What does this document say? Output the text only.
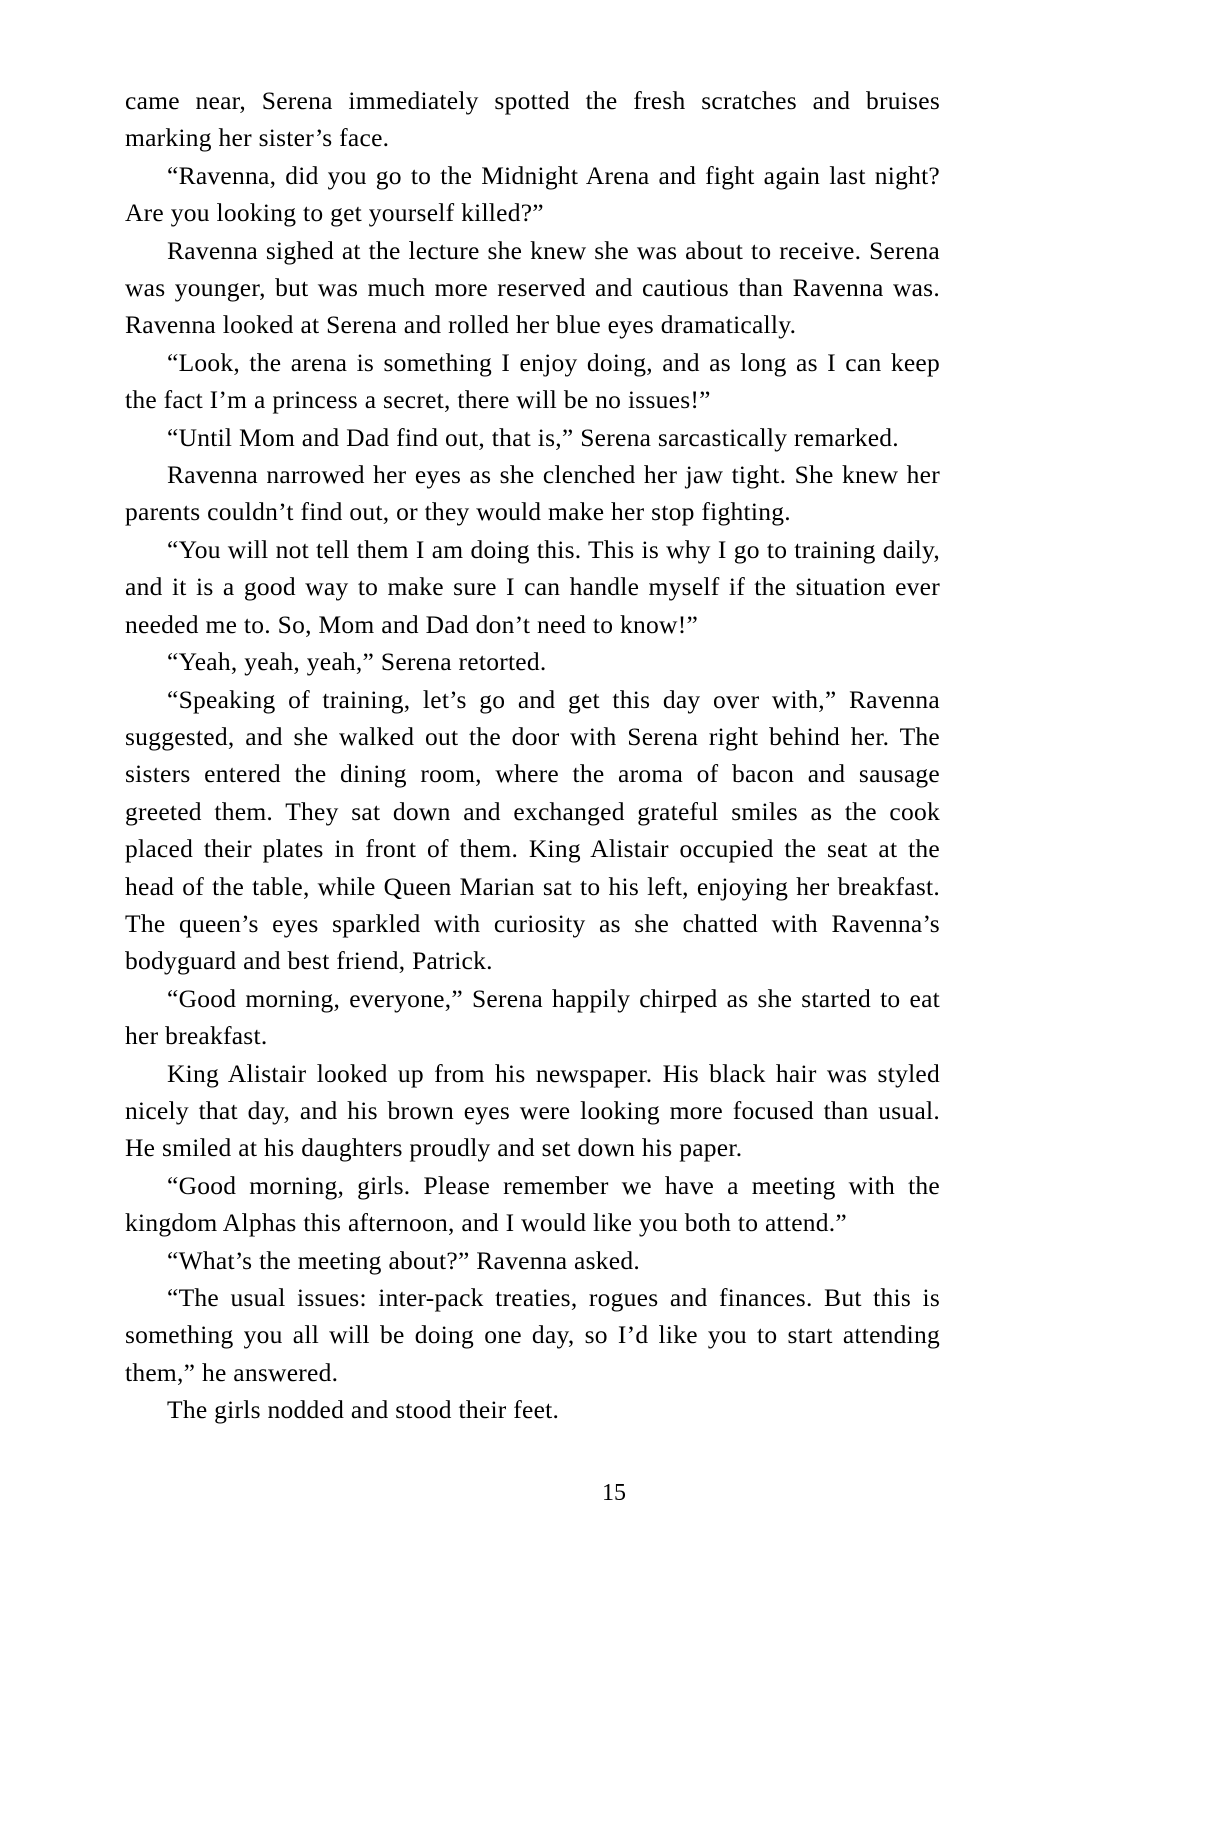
came near, Serena immediately spotted the fresh scratches and bruises marking her sister’s face.

“Ravenna, did you go to the Midnight Arena and fight again last night? Are you looking to get yourself killed?”

Ravenna sighed at the lecture she knew she was about to receive. Serena was younger, but was much more reserved and cautious than Ravenna was. Ravenna looked at Serena and rolled her blue eyes dramatically.

“Look, the arena is something I enjoy doing, and as long as I can keep the fact I’m a princess a secret, there will be no issues!”

“Until Mom and Dad find out, that is,” Serena sarcastically remarked.

Ravenna narrowed her eyes as she clenched her jaw tight. She knew her parents couldn’t find out, or they would make her stop fighting.

“You will not tell them I am doing this. This is why I go to training daily, and it is a good way to make sure I can handle myself if the situation ever needed me to. So, Mom and Dad don’t need to know!”

“Yeah, yeah, yeah,” Serena retorted.

“Speaking of training, let’s go and get this day over with,” Ravenna suggested, and she walked out the door with Serena right behind her. The sisters entered the dining room, where the aroma of bacon and sausage greeted them. They sat down and exchanged grateful smiles as the cook placed their plates in front of them. King Alistair occupied the seat at the head of the table, while Queen Marian sat to his left, enjoying her breakfast. The queen’s eyes sparkled with curiosity as she chatted with Ravenna’s bodyguard and best friend, Patrick.

“Good morning, everyone,” Serena happily chirped as she started to eat her breakfast.

King Alistair looked up from his newspaper. His black hair was styled nicely that day, and his brown eyes were looking more focused than usual. He smiled at his daughters proudly and set down his paper.

“Good morning, girls. Please remember we have a meeting with the kingdom Alphas this afternoon, and I would like you both to attend.”

“What’s the meeting about?” Ravenna asked.

“The usual issues: inter-pack treaties, rogues and finances. But this is something you all will be doing one day, so I’d like you to start attending them,” he answered.

The girls nodded and stood their feet.

15
